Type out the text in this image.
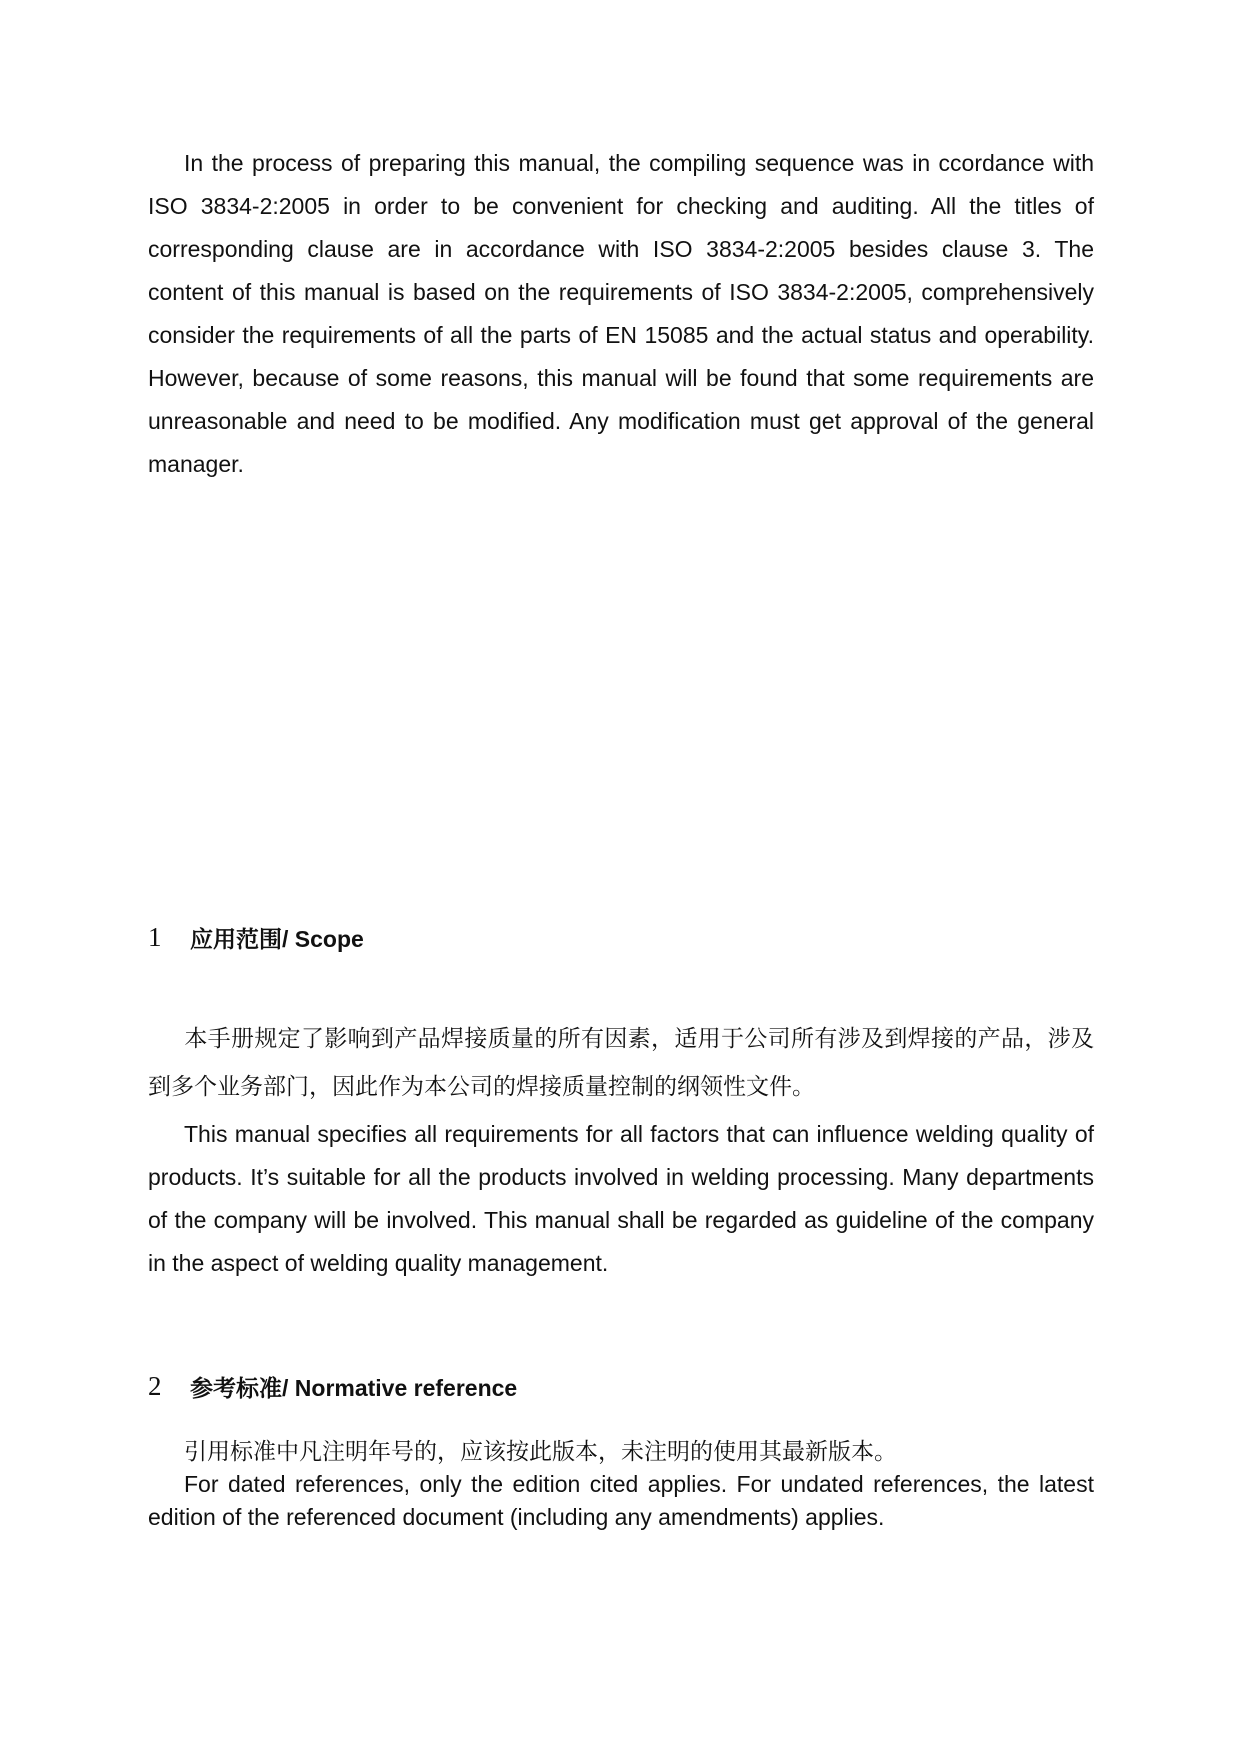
In the process of preparing this manual, the compiling sequence was in ccordance with ISO 3834-2:2005 in order to be convenient for checking and auditing. All the titles of corresponding clause are in accordance with ISO 3834-2:2005 besides clause 3. The content of this manual is based on the requirements of ISO 3834-2:2005, comprehensively consider the requirements of all the parts of EN 15085 and the actual status and operability. However, because of some reasons, this manual will be found that some requirements are unreasonable and need to be modified. Any modification must get approval of the general manager.

1	应用范围/ Scope

本手册规定了影响到产品焊接质量的所有因素，适用于公司所有涉及到焊接的产品，涉及到多个业务部门，因此作为本公司的焊接质量控制的纲领性文件。

This manual specifies all requirements for all factors that can influence welding quality of products. It’s suitable for all the products involved in welding processing. Many departments of the company will be involved. This manual shall be regarded as guideline of the company in the aspect of welding quality management.

2	参考标准/ Normative reference

引用标准中凡注明年号的，应该按此版本，未注明的使用其最新版本。

For dated references, only the edition cited applies. For undated references, the latest edition of the referenced document (including any amendments) applies.
